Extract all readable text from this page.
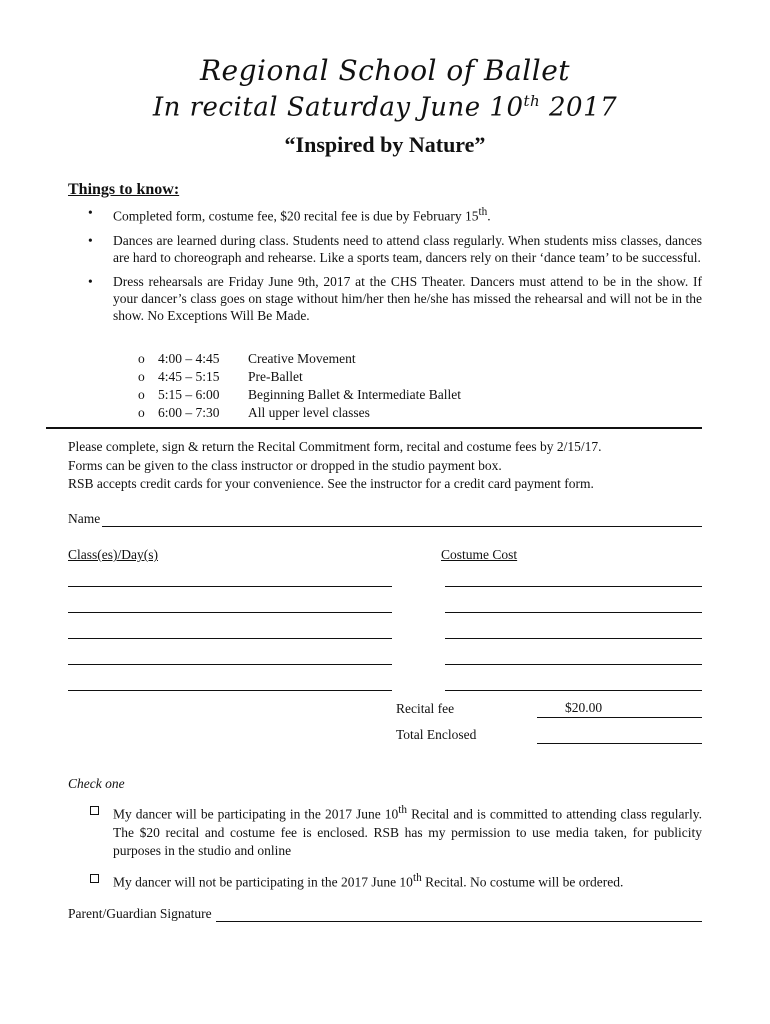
Regional School of Ballet
In recital Saturday June 10th 2017
“Inspired by Nature”
Things to know:
• Completed form, costume fee, $20 recital fee is due by February 15th.
• Dances are learned during class. Students need to attend class regularly. When students miss classes, dances are hard to choreograph and rehearse. Like a sports team, dancers rely on their ‘dance team’ to be successful.
• Dress rehearsals are Friday June 9th, 2017 at the CHS Theater. Dancers must attend to be in the show. If your dancer’s class goes on stage without him/her then he/she has missed the rehearsal and will not be in the show. No Exceptions Will Be Made.
o 4:00 – 4:45	Creative Movement
o 4:45 – 5:15	Pre-Ballet
o 5:15 – 6:00	Beginning Ballet & Intermediate Ballet
o 6:00 – 7:30	All upper level classes
Please complete, sign & return the Recital Commitment form, recital and costume fees by 2/15/17.
Forms can be given to the class instructor or dropped in the studio payment box.
RSB accepts credit cards for your convenience. See the instructor for a credit card payment form.
Name
Class(es)/Day(s)	Costume Cost
Recital fee	$20.00
Total Enclosed
Check one
My dancer will be participating in the 2017 June 10th Recital and is committed to attending class regularly. The $20 recital and costume fee is enclosed. RSB has my permission to use media taken, for publicity purposes in the studio and online
My dancer will not be participating in the 2017 June 10th Recital. No costume will be ordered.
Parent/Guardian Signature
